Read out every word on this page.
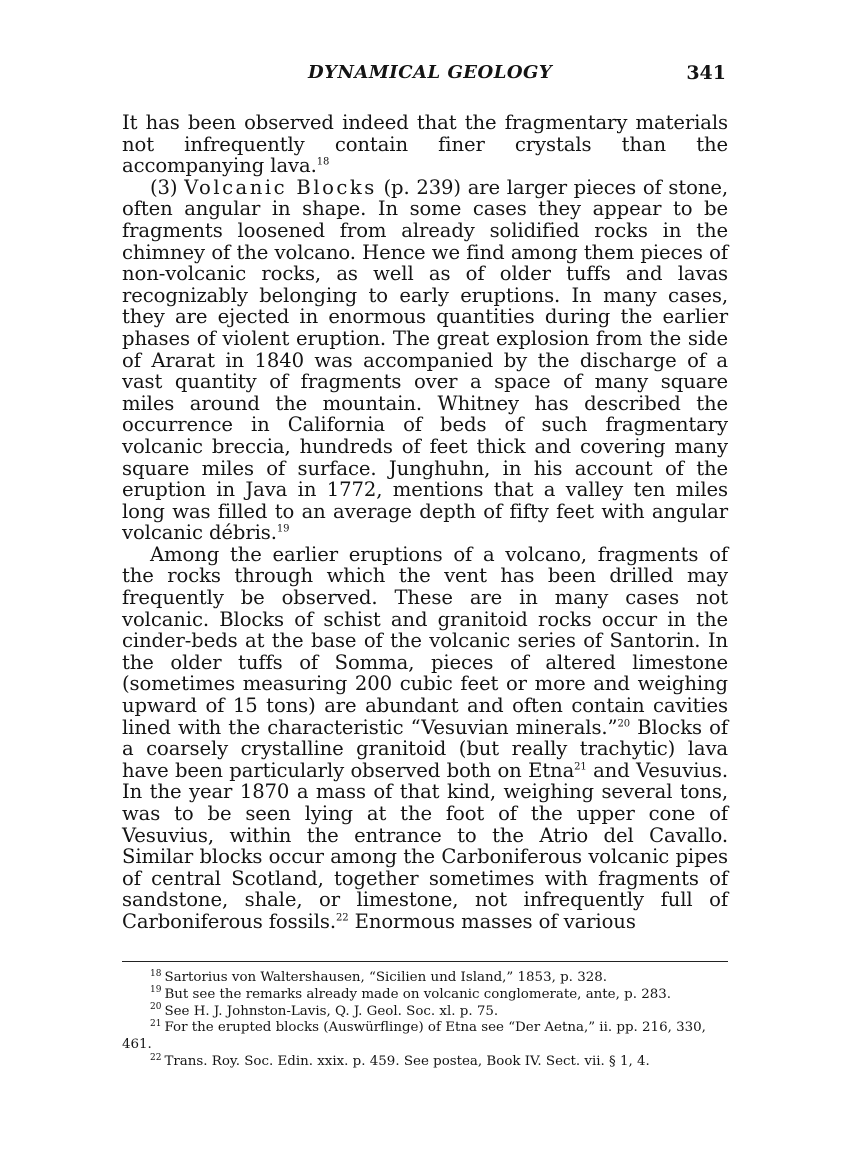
DYNAMICAL GEOLOGY	341

It has been observed indeed that the fragmentary materials not infrequently contain finer crystals than the accompanying lava.$^{18}$

(3) Volcanic Blocks (p. 239) are larger pieces of stone, often angular in shape. In some cases they appear to be fragments loosened from already solidified rocks in the chimney of the volcano. Hence we find among them pieces of non-volcanic rocks, as well as of older tuffs and lavas recognizably belonging to early eruptions. In many cases, they are ejected in enormous quantities during the earlier phases of violent eruption. The great explosion from the side of Ararat in 1840 was accompanied by the discharge of a vast quantity of fragments over a space of many square miles around the mountain. Whitney has described the occurrence in California of beds of such fragmentary volcanic breccia, hundreds of feet thick and covering many square miles of surface. Junghuhn, in his account of the eruption in Java in 1772, mentions that a valley ten miles long was filled to an average depth of fifty feet with angular volcanic débris.$^{19}$

Among the earlier eruptions of a volcano, fragments of the rocks through which the vent has been drilled may frequently be observed. These are in many cases not volcanic. Blocks of schist and granitoid rocks occur in the cinder-beds at the base of the volcanic series of Santorin. In the older tuffs of Somma, pieces of altered limestone (sometimes measuring 200 cubic feet or more and weighing upward of 15 tons) are abundant and often contain cavities lined with the characteristic “Vesuvian minerals.”$^{20}$ Blocks of a coarsely crystalline granitoid (but really trachytic) lava have been particularly observed both on Etna$^{21}$ and Vesuvius. In the year 1870 a mass of that kind, weighing several tons, was to be seen lying at the foot of the upper cone of Vesuvius, within the entrance to the Atrio del Cavallo. Similar blocks occur among the Carboniferous volcanic pipes of central Scotland, together sometimes with fragments of sandstone, shale, or limestone, not infrequently full of Carboniferous fossils.$^{22}$ Enormous masses of various

$^{18}$ Sartorius von Waltershausen, “Sicilien und Island,” 1853, p. 328.

$^{19}$ But see the remarks already made on volcanic conglomerate, ante, p. 283.

$^{20}$ See H. J. Johnston-Lavis, Q. J. Geol. Soc. xl. p. 75.

$^{21}$ For the erupted blocks (Auswürflinge) of Etna see “Der Aetna,” ii. pp. 216, 330, 461.

$^{22}$ Trans. Roy. Soc. Edin. xxix. p. 459. See postea, Book IV. Sect. vii. § 1, 4.
